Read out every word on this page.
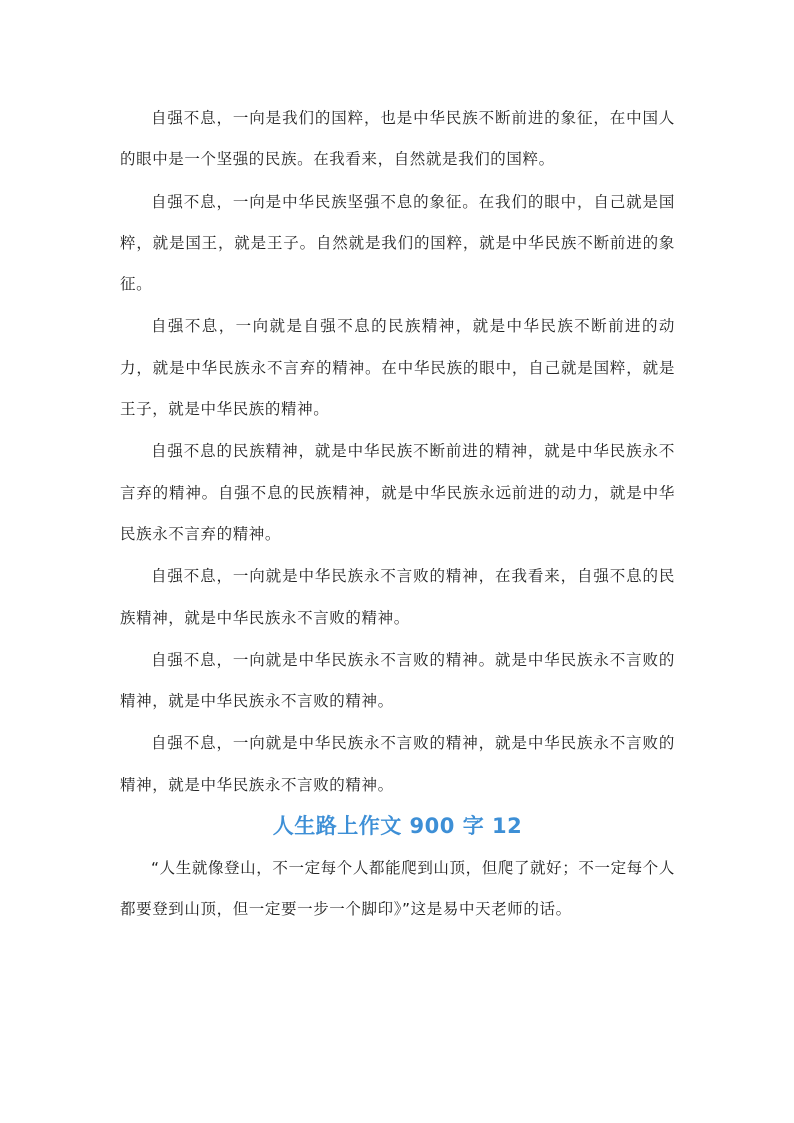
自强不息，一向是我们的国粹，也是中华民族不断前进的象征，在中国人的眼中是一个坚强的民族。在我看来，自然就是我们的国粹。

自强不息，一向是中华民族坚强不息的象征。在我们的眼中，自己就是国粹，就是国王，就是王子。自然就是我们的国粹，就是中华民族不断前进的象征。

自强不息，一向就是自强不息的民族精神，就是中华民族不断前进的动力，就是中华民族永不言弃的精神。在中华民族的眼中，自己就是国粹，就是王子，就是中华民族的精神。

自强不息的民族精神，就是中华民族不断前进的精神，就是中华民族永不言弃的精神。自强不息的民族精神，就是中华民族永远前进的动力，就是中华民族永不言弃的精神。

自强不息，一向就是中华民族永不言败的精神，在我看来，自强不息的民族精神，就是中华民族永不言败的精神。

自强不息，一向就是中华民族永不言败的精神。就是中华民族永不言败的精神，就是中华民族永不言败的精神。

自强不息，一向就是中华民族永不言败的精神，就是中华民族永不言败的精神，就是中华民族永不言败的精神。

人生路上作文 900 字 12

“人生就像登山，不一定每个人都能爬到山顶，但爬了就好；不一定每个人都要登到山顶，但一定要一步一个脚印》”这是易中天老师的话。
